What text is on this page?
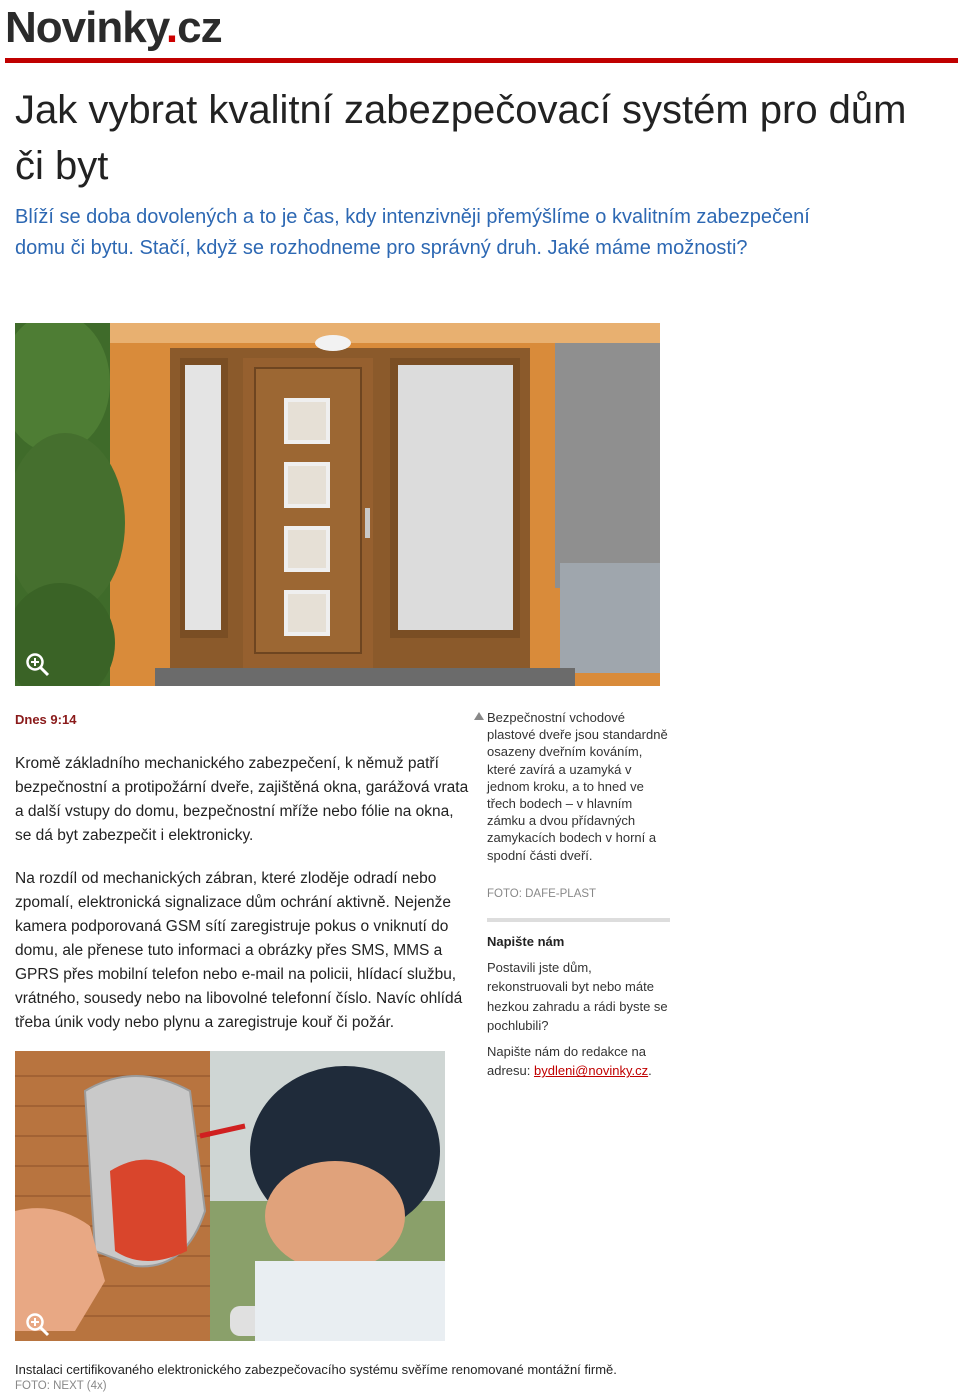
Novinky.cz
Jak vybrat kvalitní zabezpečovací systém pro dům či byt
Blíží se doba dovolených a to je čas, kdy intenzivněji přemýšlíme o kvalitním zabezpečení domu či bytu. Stačí, když se rozhodneme pro správný druh. Jaké máme možnosti?
Dnes 9:14
Kromě základního mechanického zabezpečení, k němuž patří bezpečnostní a protipožární dveře, zajištěná okna, garážová vrata a další vstupy do domu, bezpečnostní mříže nebo fólie na okna, se dá byt zabezpečit i elektronicky.
Na rozdíl od mechanických zábran, které zloděje odradí nebo zpomalí, elektronická signalizace dům ochrání aktivně. Nejenže kamera podporovaná GSM sítí zaregistruje pokus o vniknutí do domu, ale přenese tuto informaci a obrázky přes SMS, MMS a GPRS přes mobilní telefon nebo e-mail na policii, hlídací službu, vrátného, sousedy nebo na libovolné telefonní číslo. Navíc ohlídá třeba únik vody nebo plynu a zaregistruje kouř či požár.
Bezpečnostní vchodové plastové dveře jsou standardně osazeny dveřním kováním, které zavírá a uzamyká v jednom kroku, a to hned ve třech bodech – v hlavním zámku a dvou přídavných zamykacích bodech v horní a spodní části dveří.
FOTO: DAFE-PLAST
Napište nám
Postavili jste dům, rekonstruovali byt nebo máte hezkou zahradu a rádi byste se pochlubili?
Napište nám do redakce na adresu: bydleni@novinky.cz.
Instalaci certifikovaného elektronického zabezpečovacího systému svěříme renomované montážní firmě.
FOTO: NEXT (4x)
